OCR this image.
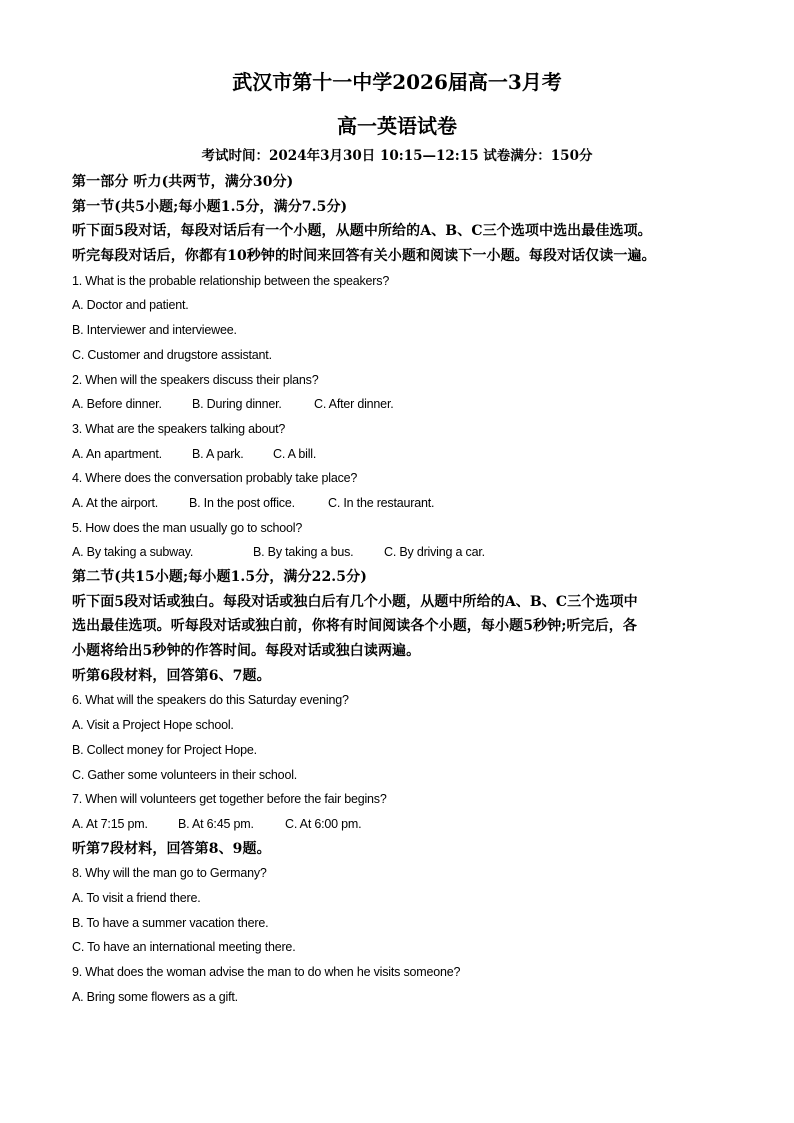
武汉市第十一中学2026届高一3月考
高一英语试卷
考试时间：2024年3月30日 10:15—12:15 试卷满分：150分
第一部分 听力(共两节，满分30分)
第一节(共5小题;每小题1.5分，满分7.5分)
听下面5段对话，每段对话后有一个小题，从题中所给的A、B、C三个选项中选出最佳选项。
听完每段对话后，你都有10秒钟的时间来回答有关小题和阅读下一小题。每段对话仅读一遍。
1. What is the probable relationship between the speakers?
A. Doctor and patient.
B. Interviewer and interviewee.
C. Customer and drugstore assistant.
2. When will the speakers discuss their plans?
A. Before dinner. B. During dinner.	C. After dinner.
3. What are the speakers talking about?
A. An apartment. B. A park. C. A bill.
4. Where does the conversation probably take place?
A. At the airport. B. In the post office.	C. In the restaurant.
5. How does the man usually go to school?
A. By taking a subway.	B. By taking a bus. C. By driving a car.
第二节(共15小题;每小题1.5分，满分22.5分)
听下面5段对话或独白。每段对话或独白后有几个小题，从题中所给的A、B、C三个选项中
选出最佳选项。听每段对话或独白前，你将有时间阅读各个小题，每小题5秒钟;听完后，各
小题将给出5秒钟的作答时间。每段对话或独白读两遍。
听第6段材料，回答第6、7题。
6. What will the speakers do this Saturday evening?
A. Visit a Project Hope school.
B. Collect money for Project Hope.
C. Gather some volunteers in their school.
7. When will volunteers get together before the fair begins?
A. At 7:15 pm. B. At 6:45 pm.	C. At 6:00 pm.
听第7段材料，回答第8、9题。
8. Why will the man go to Germany?
A. To visit a friend there.
B. To have a summer vacation there.
C. To have an international meeting there.
9. What does the woman advise the man to do when he visits someone?
A. Bring some flowers as a gift.
